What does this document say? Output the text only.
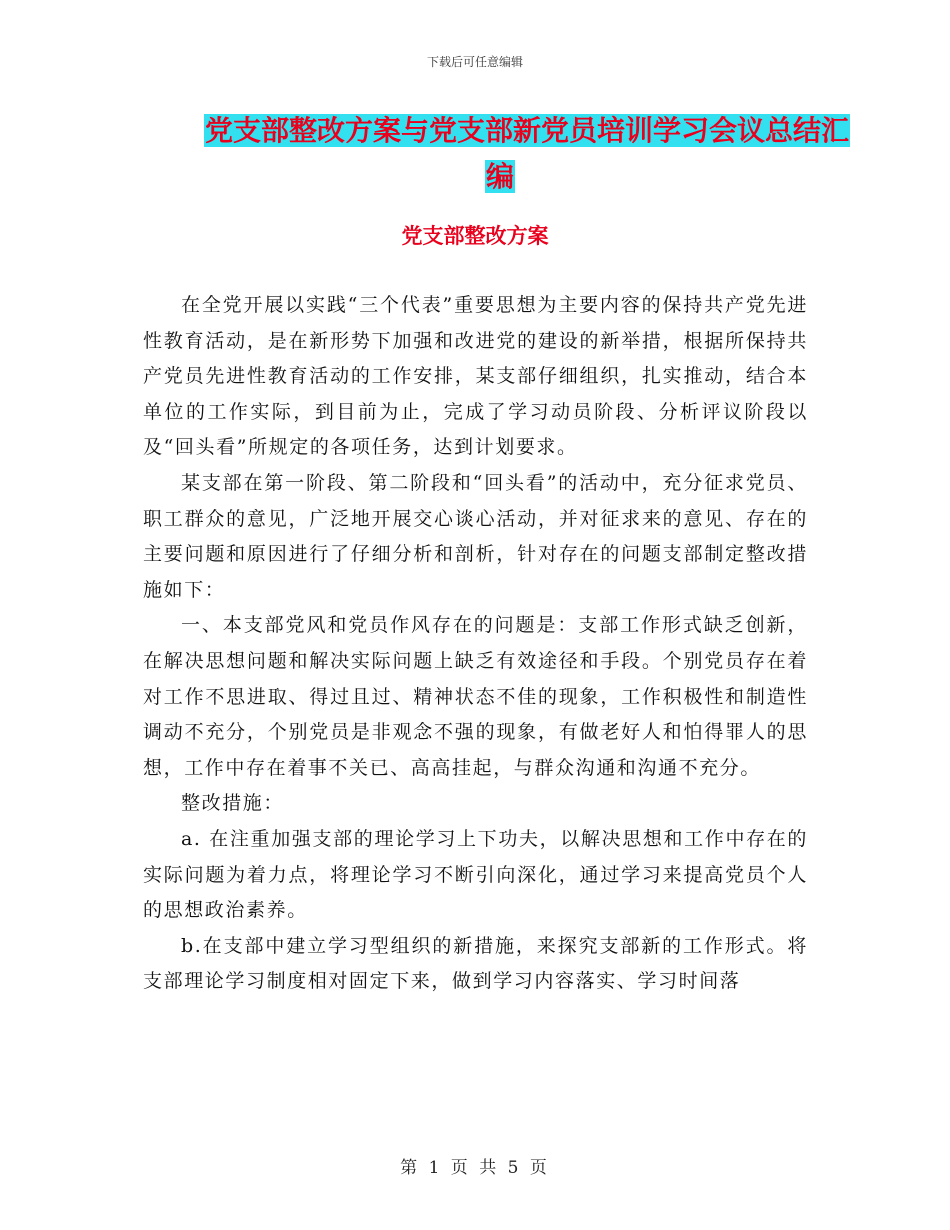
下载后可任意编辑
党支部整改方案与党支部新党员培训学习会议总结汇
编
党支部整改方案

在全党开展以实践“三个代表”重要思想为主要内容的保持共产党先进性教育活动，是在新形势下加强和改进党的建设的新举措，根据所保持共产党员先进性教育活动的工作安排，某支部仔细组织，扎实推动，结合本单位的工作实际，到目前为止，完成了学习动员阶段、分析评议阶段以及“回头看”所规定的各项任务，达到计划要求。

某支部在第一阶段、第二阶段和“回头看”的活动中，充分征求党员、职工群众的意见，广泛地开展交心谈心活动，并对征求来的意见、存在的主要问题和原因进行了仔细分析和剖析，针对存在的问题支部制定整改措施如下：

一、本支部党风和党员作风存在的问题是：支部工作形式缺乏创新，在解决思想问题和解决实际问题上缺乏有效途径和手段。个别党员存在着对工作不思进取、得过且过、精神状态不佳的现象，工作积极性和制造性调动不充分，个别党员是非观念不强的现象，有做老好人和怕得罪人的思想，工作中存在着事不关已、高高挂起，与群众沟通和沟通不充分。

整改措施：

a. 在注重加强支部的理论学习上下功夫，以解决思想和工作中存在的实际问题为着力点，将理论学习不断引向深化，通过学习来提高党员个人的思想政治素养。

b.在支部中建立学习型组织的新措施，来探究支部新的工作形式。将支部理论学习制度相对固定下来，做到学习内容落实、学习时间落

第 1 页 共 5 页
